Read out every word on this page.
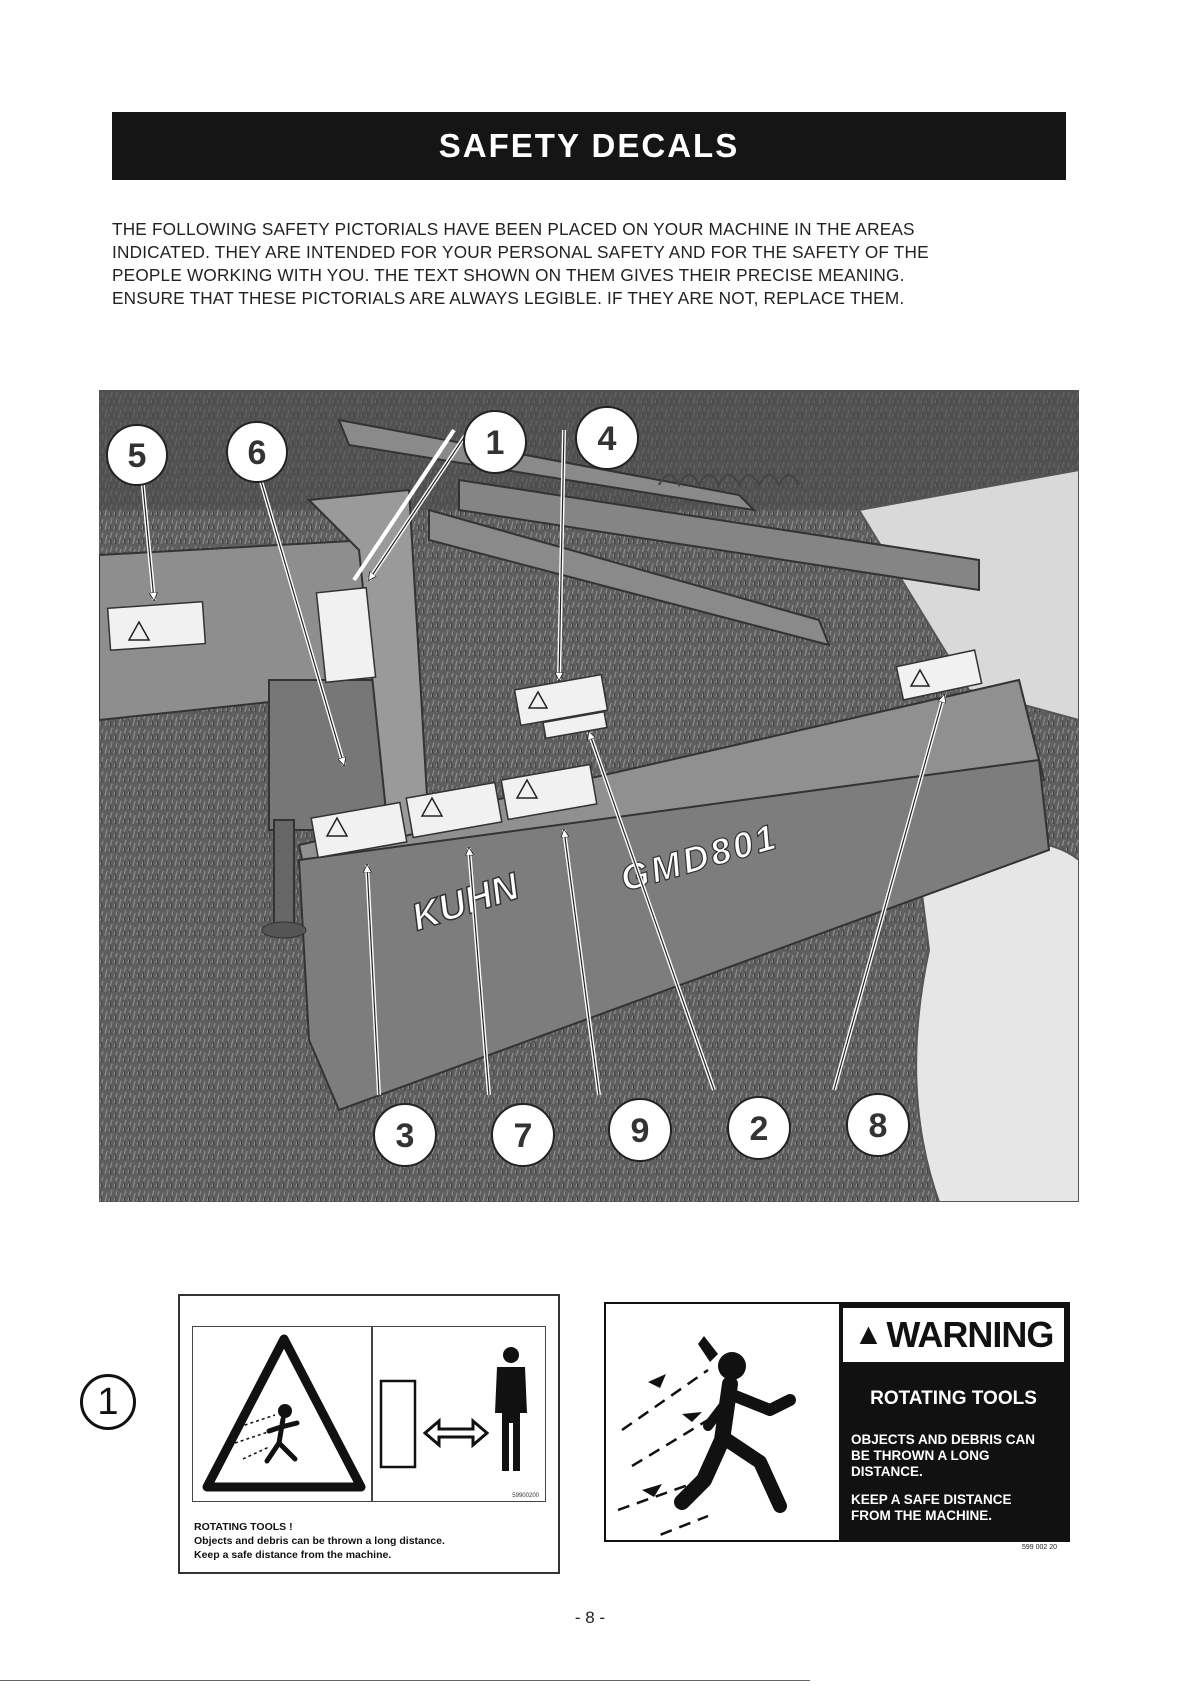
SAFETY DECALS
THE FOLLOWING SAFETY PICTORIALS HAVE BEEN PLACED ON YOUR MACHINE IN THE AREAS
INDICATED. THEY ARE INTENDED FOR YOUR PERSONAL SAFETY AND FOR THE SAFETY OF THE
PEOPLE WORKING WITH YOU. THE TEXT SHOWN ON THEM GIVES THEIR PRECISE MEANING.
ENSURE THAT THESE PICTORIALS ARE ALWAYS LEGIBLE. IF THEY ARE NOT, REPLACE THEM.
KUHN
GMD801
5	6	1	4
3	7	9	2	8
1
59900200
ROTATING TOOLS !
Objects and debris can be thrown a long distance.
Keep a safe distance from the machine.
▲ WARNING
ROTATING TOOLS
OBJECTS AND DEBRIS CAN
BE THROWN A LONG
DISTANCE.
KEEP A SAFE DISTANCE
FROM THE MACHINE.
599 002 20
- 8 -
